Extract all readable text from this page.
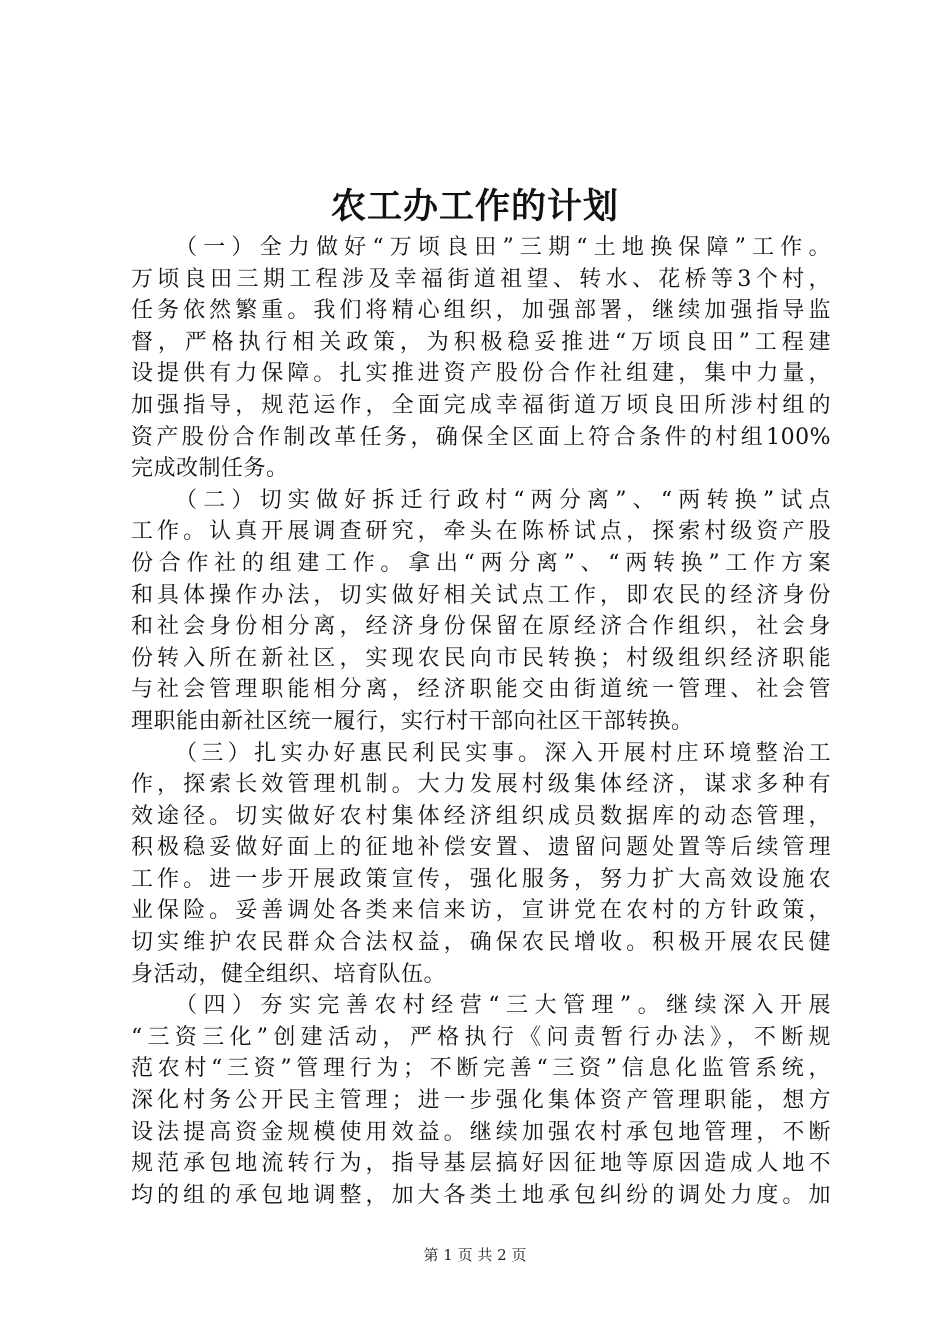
农工办工作的计划
（一）全力做好“万顷良田”三期“土地换保障”工作。
万顷良田三期工程涉及幸福街道祖望、转水、花桥等3个村，
任务依然繁重。我们将精心组织，加强部署，继续加强指导监
督，严格执行相关政策，为积极稳妥推进“万顷良田”工程建
设提供有力保障。扎实推进资产股份合作社组建，集中力量，
加强指导，规范运作，全面完成幸福街道万顷良田所涉村组的
资产股份合作制改革任务，确保全区面上符合条件的村组100%
完成改制任务。
（二）切实做好拆迁行政村“两分离”、“两转换”试点
工作。认真开展调查研究，牵头在陈桥试点，探索村级资产股
份合作社的组建工作。拿出“两分离”、“两转换”工作方案
和具体操作办法，切实做好相关试点工作，即农民的经济身份
和社会身份相分离，经济身份保留在原经济合作组织，社会身
份转入所在新社区，实现农民向市民转换；村级组织经济职能
与社会管理职能相分离，经济职能交由街道统一管理、社会管
理职能由新社区统一履行，实行村干部向社区干部转换。
（三）扎实办好惠民利民实事。深入开展村庄环境整治工
作，探索长效管理机制。大力发展村级集体经济，谋求多种有
效途径。切实做好农村集体经济组织成员数据库的动态管理，
积极稳妥做好面上的征地补偿安置、遗留问题处置等后续管理
工作。进一步开展政策宣传，强化服务，努力扩大高效设施农
业保险。妥善调处各类来信来访，宣讲党在农村的方针政策，
切实维护农民群众合法权益，确保农民增收。积极开展农民健
身活动，健全组织、培育队伍。
（四）夯实完善农村经营“三大管理”。继续深入开展
“三资三化”创建活动，严格执行《问责暂行办法》，不断规
范农村“三资”管理行为；不断完善“三资”信息化监管系统，
深化村务公开民主管理；进一步强化集体资产管理职能，想方
设法提高资金规模使用效益。继续加强农村承包地管理，不断
规范承包地流转行为，指导基层搞好因征地等原因造成人地不
均的组的承包地调整，加大各类土地承包纠纷的调处力度。加
第 1 页 共 2 页
